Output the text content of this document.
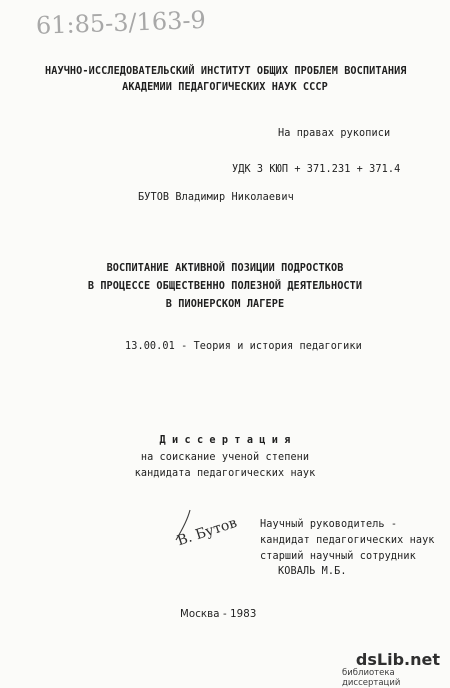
61:85-3/163-9
НАУЧНО-ИССЛЕДОВАТЕЛЬСКИЙ ИНСТИТУТ ОБЩИХ ПРОБЛЕМ ВОСПИТАНИЯ
АКАДЕМИИ ПЕДАГОГИЧЕСКИХ НАУК СССР
На правах рукописи
УДК 3 КЮП + 371.231 + 371.4
БУТОВ Владимир Николаевич
ВОСПИТАНИЕ АКТИВНОЙ ПОЗИЦИИ ПОДРОСТКОВ
В ПРОЦЕССЕ ОБЩЕСТВЕННО ПОЛЕЗНОЙ ДЕЯТЕЛЬНОСТИ
В ПИОНЕРСКОМ ЛАГЕРЕ
13.00.01 - Теория и история педагогики
Д и с с е р т а ц и я
на соискание ученой степени
кандидата педагогических наук
В. Бутов Научный руководитель -
кандидат педагогических наук
старший научный сотрудник
КОВАЛЬ М.Б.
Москва - 1983
dsLib.net
библиотека диссертаций
